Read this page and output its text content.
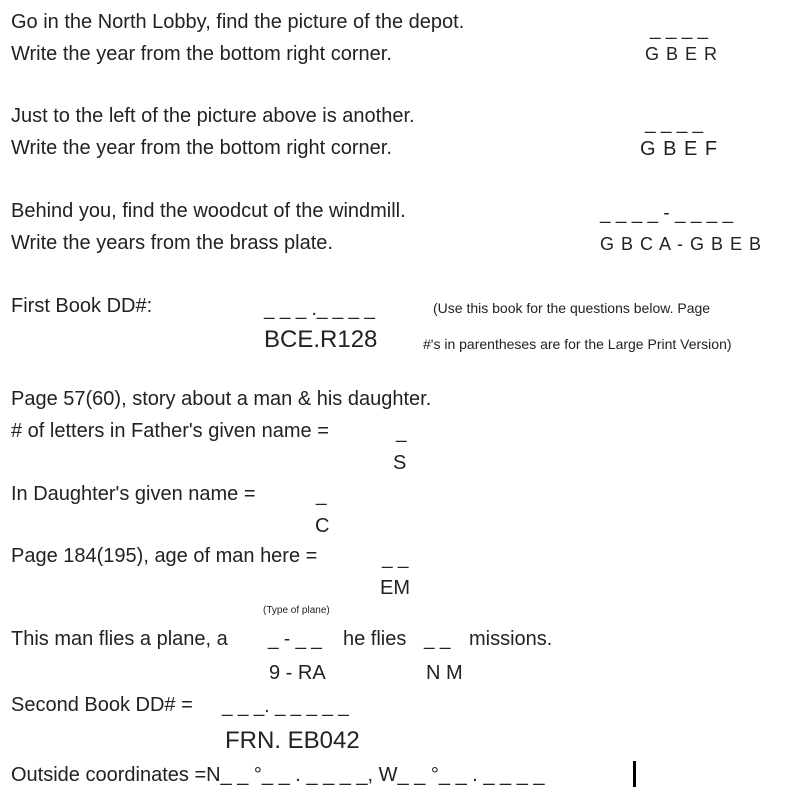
Go in the North Lobby, find the picture of the depot.
Write the year from the bottom right corner.
_ _ _ _
G B E R
Just to the left of the picture above is another.
Write the year from the bottom right corner.
_ _ _ _
G B E F
Behind you, find the woodcut of the windmill.
Write the years from the brass plate.
_ _ _ _ - _ _ _ _
G B C A - G B E B
First Book DD#:	_ _ _ ._ _ _ _
BCE.R128
(Use this book for the questions below. Page
#'s in parentheses are for the Large Print Version)
Page 57(60), story about a man & his daughter.
# of letters in Father's given name =	_
S
In Daughter's given name =	_
C
Page 184(195), age of man here =	_ _
EM
(Type of plane)
This man flies a plane, a _ - _ _ he flies _ _ missions.
9 - RA	N M
Second Book DD# = _ _ _. _ _ _ _ _
FRN. EB042
Outside coordinates =N_ _ °_ _ . _ _ _ _, W_ _ °_ _ . _ _ _ _
